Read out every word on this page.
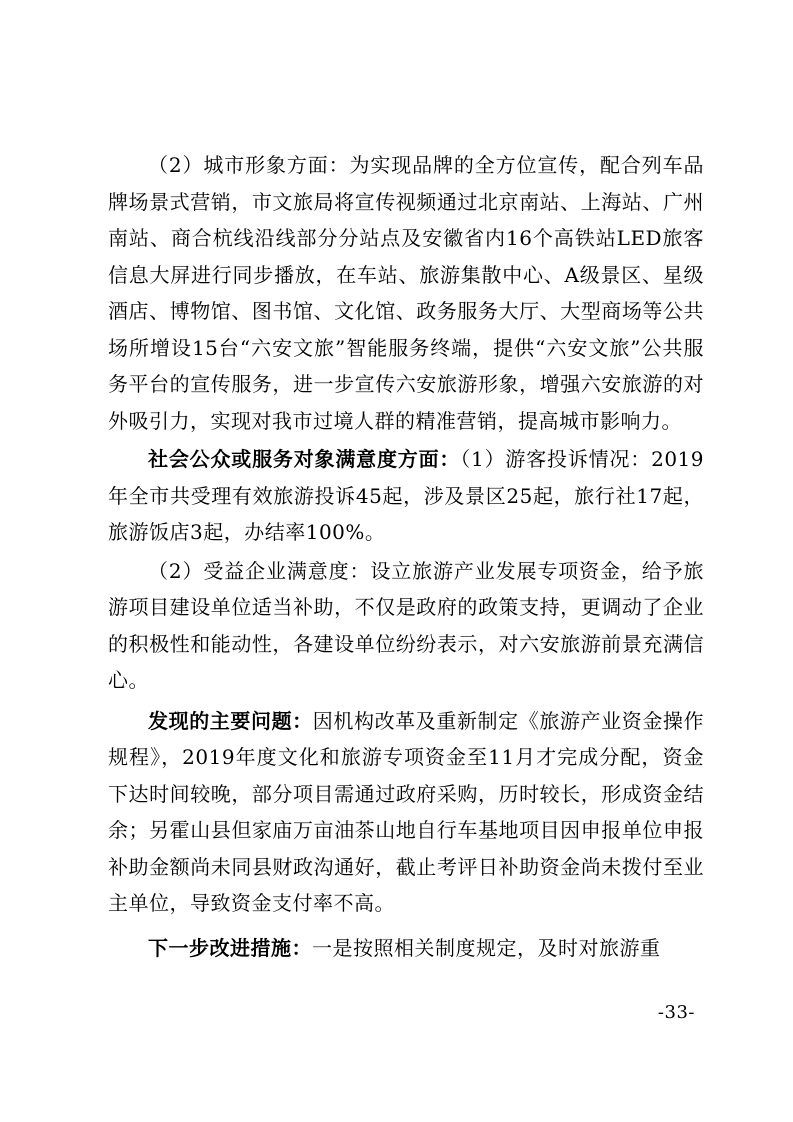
（2）城市形象方面：为实现品牌的全方位宣传，配合列车品牌场景式营销，市文旅局将宣传视频通过北京南站、上海站、广州南站、商合杭线沿线部分分站点及安徽省内16个高铁站LED旅客信息大屏进行同步播放，在车站、旅游集散中心、A级景区、星级酒店、博物馆、图书馆、文化馆、政务服务大厅、大型商场等公共场所增设15台“六安文旅”智能服务终端，提供“六安文旅”公共服务平台的宣传服务，进一步宣传六安旅游形象，增强六安旅游的对外吸引力，实现对我市过境人群的精准营销，提高城市影响力。

社会公众或服务对象满意度方面：（1）游客投诉情况：2019年全市共受理有效旅游投诉45起，涉及景区25起，旅行社17起，旅游饭店3起，办结率100%。

（2）受益企业满意度：设立旅游产业发展专项资金，给予旅游项目建设单位适当补助，不仅是政府的政策支持，更调动了企业的积极性和能动性，各建设单位纷纷表示，对六安旅游前景充满信心。

发现的主要问题：因机构改革及重新制定《旅游产业资金操作规程》，2019年度文化和旅游专项资金至11月才完成分配，资金下达时间较晚，部分项目需通过政府采购，历时较长，形成资金结余；另霍山县但家庙万亩油茶山地自行车基地项目因申报单位申报补助金额尚未同县财政沟通好，截止考评日补助资金尚未拨付至业主单位，导致资金支付率不高。

下一步改进措施：一是按照相关制度规定，及时对旅游重

-33-
